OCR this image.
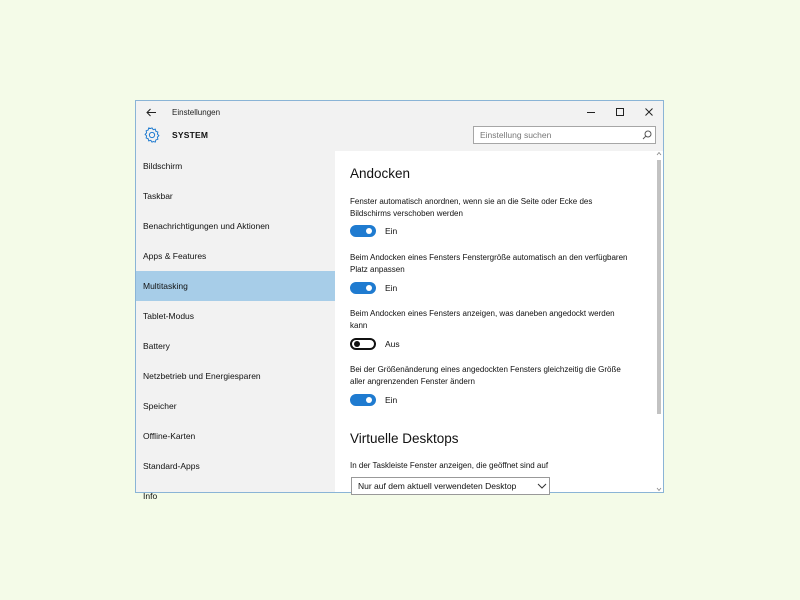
Einstellungen
SYSTEM
Einstellung suchen
Bildschirm
Taskbar
Benachrichtigungen und Aktionen
Apps & Features
Multitasking
Tablet-Modus
Battery
Netzbetrieb und Energiesparen
Speicher
Offline-Karten
Standard-Apps
Info
Andocken
Fenster automatisch anordnen, wenn sie an die Seite oder Ecke des Bildschirms verschoben werden
Ein
Beim Andocken eines Fensters Fenstergröße automatisch an den verfügbaren Platz anpassen
Ein
Beim Andocken eines Fensters anzeigen, was daneben angedockt werden kann
Aus
Bei der Größenänderung eines angedockten Fensters gleichzeitig die Größe aller angrenzenden Fenster ändern
Ein
Virtuelle Desktops
In der Taskleiste Fenster anzeigen, die geöffnet sind auf
Nur auf dem aktuell verwendeten Desktop
